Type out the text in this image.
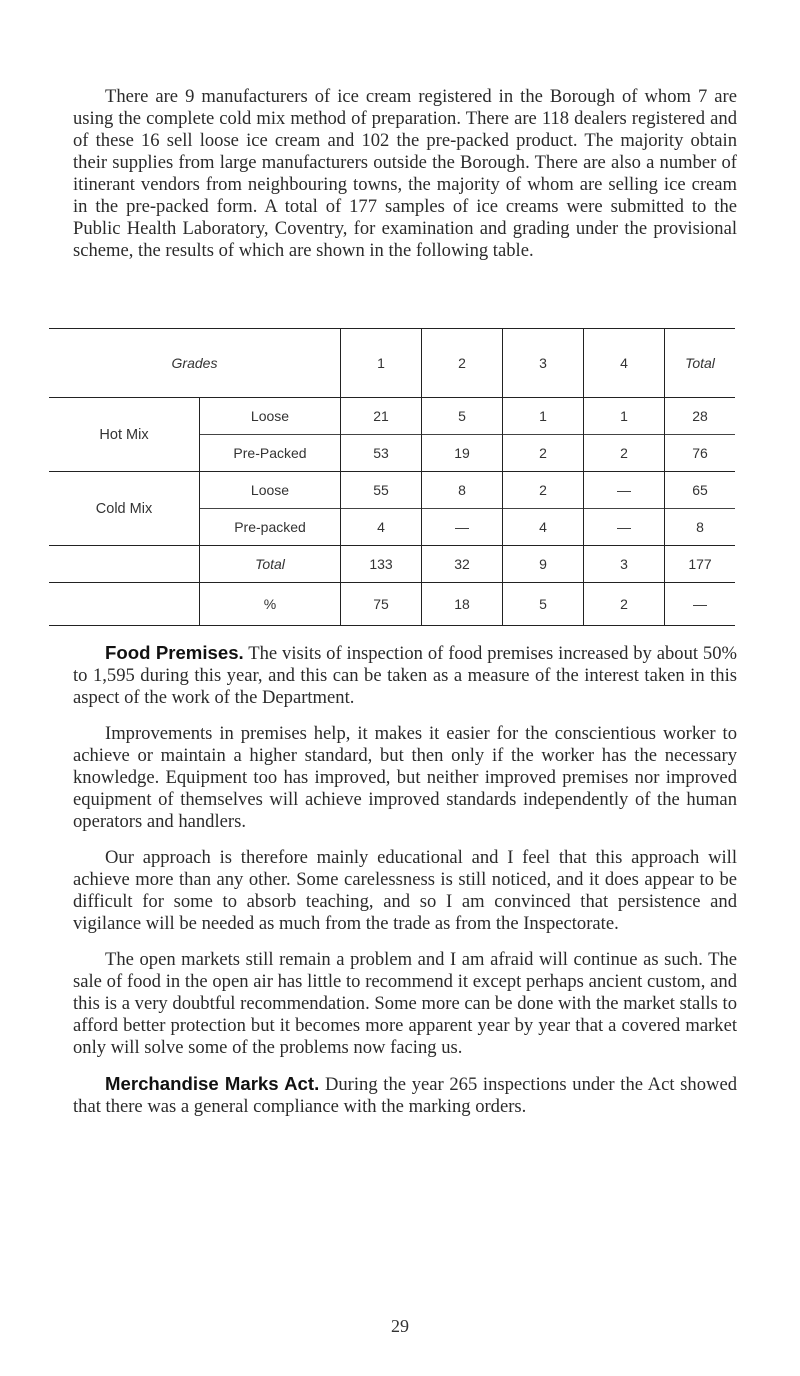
There are 9 manufacturers of ice cream registered in the Borough of whom 7 are using the complete cold mix method of preparation. There are 118 dealers registered and of these 16 sell loose ice cream and 102 the pre-packed product. The majority obtain their supplies from large manufacturers outside the Borough. There are also a number of itinerant vendors from neighbouring towns, the majority of whom are selling ice cream in the pre-packed form. A total of 177 samples of ice creams were submitted to the Public Health Laboratory, Coventry, for examination and grading under the provisional scheme, the results of which are shown in the following table.

Grades		1	2	3	4	Total
Hot Mix	Loose	21	5	1	1	28
	Pre-Packed	53	19	2	2	76
Cold Mix	Loose	55	8	2	—	65
	Pre-packed	4	—	4	—	8
	Total	133	32	9	3	177
	%	75	18	5	2	—

Food Premises. The visits of inspection of food premises increased by about 50% to 1,595 during this year, and this can be taken as a measure of the interest taken in this aspect of the work of the Department.

Improvements in premises help, it makes it easier for the conscientious worker to achieve or maintain a higher standard, but then only if the worker has the necessary knowledge. Equipment too has improved, but neither improved premises nor improved equipment of themselves will achieve improved standards independently of the human operators and handlers.

Our approach is therefore mainly educational and I feel that this approach will achieve more than any other. Some carelessness is still noticed, and it does appear to be difficult for some to absorb teaching, and so I am convinced that persistence and vigilance will be needed as much from the trade as from the Inspectorate.

The open markets still remain a problem and I am afraid will continue as such. The sale of food in the open air has little to recommend it except perhaps ancient custom, and this is a very doubtful recommendation. Some more can be done with the market stalls to afford better protection but it becomes more apparent year by year that a covered market only will solve some of the problems now facing us.

Merchandise Marks Act. During the year 265 inspections under the Act showed that there was a general compliance with the marking orders.

29
